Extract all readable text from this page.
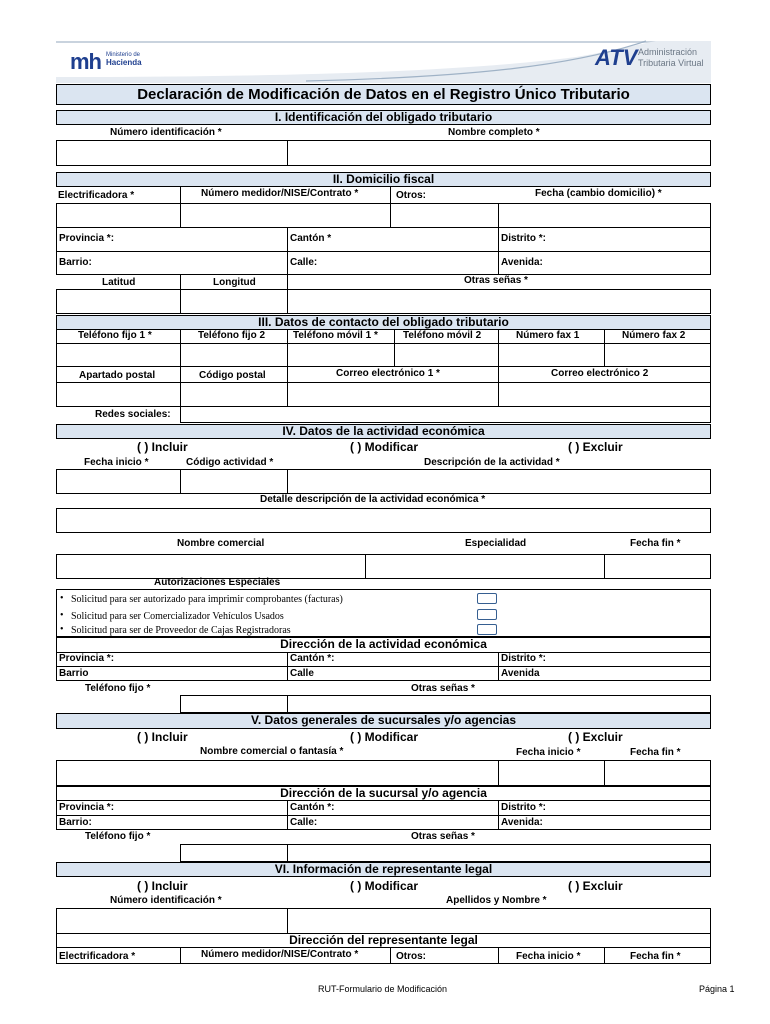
mh Ministerio de
Hacienda	ATV Administración
Tributaria Virtual
Declaración de Modificación de Datos en el Registro Único Tributario
I. Identificación del obligado tributario
Número identificación *	Nombre completo *
II. Domicilio fiscal
Electrificadora *	Número medidor/NISE/Contrato *	Otros:	Fecha (cambio domicilio) *
Provincia *:	Cantón *	Distrito *:
Barrio:	Calle:	Avenida:
Latitud	Longitud	Otras señas *
III. Datos de contacto del obligado tributario
Teléfono fijo 1 *	Teléfono fijo 2	Teléfono móvil 1 *	Teléfono móvil 2	Número fax 1	Número fax 2
Apartado postal	Código postal	Correo electrónico 1 *	Correo electrónico 2
Redes sociales:
IV. Datos de la actividad económica
( ) Incluir	( ) Modificar	( ) Excluir
Fecha inicio *	Código actividad *	Descripción de la actividad *
Detalle descripción de la actividad económica *
Nombre comercial	Especialidad	Fecha fin *
Autorizaciones Especiales
• Solicitud para ser autorizado para imprimir comprobantes (facturas)
• Solicitud para ser Comercializador Vehículos Usados
• Solicitud para ser de Proveedor de Cajas Registradoras
Dirección de la actividad económica
Provincia *:	Cantón *:	Distrito *:
Barrio	Calle	Avenida
Teléfono fijo *	Otras señas *
V. Datos generales de sucursales y/o agencias
( ) Incluir	( ) Modificar	( ) Excluir
Nombre comercial o fantasía *	Fecha inicio *	Fecha fin *
Dirección de la sucursal y/o agencia
Provincia *:	Cantón *:	Distrito *:
Barrio:	Calle:	Avenida:
Teléfono fijo *	Otras señas *
VI. Información de representante legal
( ) Incluir	( ) Modificar	( ) Excluir
Número identificación *	Apellidos y Nombre *
Dirección del representante legal
Electrificadora *	Número medidor/NISE/Contrato *	Otros:	Fecha inicio *	Fecha fin *
RUT-Formulario de Modificación	Página 1
